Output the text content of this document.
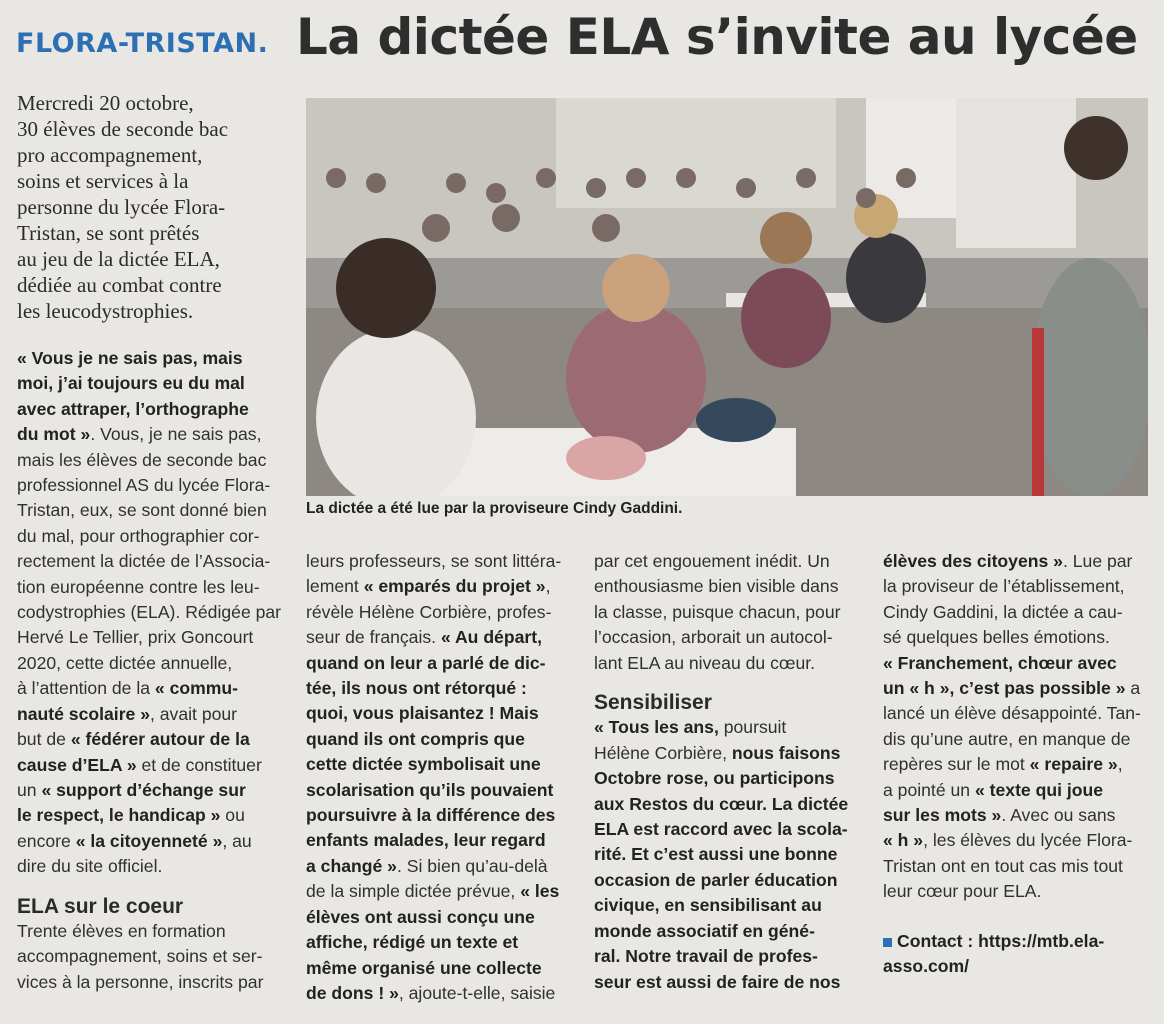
FLORA-TRISTAN. La dictée ELA s’invite au lycée
Mercredi 20 octobre,
30 élèves de seconde bac
pro accompagnement,
soins et services à la
personne du lycée Flora-
Tristan, se sont prêtés
au jeu de la dictée ELA,
dédiée au combat contre
les leucodystrophies.
La dictée a été lue par la proviseure Cindy Gaddini.
« Vous je ne sais pas, mais
moi, j’ai toujours eu du mal
avec attraper, l’orthographe
du mot ». Vous, je ne sais pas,
mais les élèves de seconde bac
professionnel AS du lycée Flora-
Tristan, eux, se sont donné bien
du mal, pour orthographier cor-
rectement la dictée de l’Associa-
tion européenne contre les leu-
codystrophies (ELA). Rédigée par
Hervé Le Tellier, prix Goncourt
2020, cette dictée annuelle,
à l’attention de la « commu-
nauté scolaire », avait pour
but de « fédérer autour de la
cause d’ELA » et de constituer
un « support d’échange sur
le respect, le handicap » ou
encore « la citoyenneté », au
dire du site officiel.
ELA sur le coeur
Trente élèves en formation
accompagnement, soins et ser-
vices à la personne, inscrits par
leurs professeurs, se sont littéra-
lement « emparés du projet »,
révèle Hélène Corbière, profes-
seur de français. « Au départ,
quand on leur a parlé de dic-
tée, ils nous ont rétorqué :
quoi, vous plaisantez ! Mais
quand ils ont compris que
cette dictée symbolisait une
scolarisation qu’ils pouvaient
poursuivre à la différence des
enfants malades, leur regard
a changé ». Si bien qu’au-delà
de la simple dictée prévue, « les
élèves ont aussi conçu une
affiche, rédigé un texte et
même organisé une collecte
de dons ! », ajoute-t-elle, saisie
par cet engouement inédit. Un
enthousiasme bien visible dans
la classe, puisque chacun, pour
l’occasion, arborait un autocol-
lant ELA au niveau du cœur.
Sensibiliser
« Tous les ans, poursuit
Hélène Corbière, nous faisons
Octobre rose, ou participons
aux Restos du cœur. La dictée
ELA est raccord avec la scola-
rité. Et c’est aussi une bonne
occasion de parler éducation
civique, en sensibilisant au
monde associatif en géné-
ral. Notre travail de profes-
seur est aussi de faire de nos
élèves des citoyens ». Lue par
la proviseur de l’établissement,
Cindy Gaddini, la dictée a cau-
sé quelques belles émotions.
« Franchement, chœur avec
un « h », c’est pas possible » a
lancé un élève désappointé. Tan-
dis qu’une autre, en manque de
repères sur le mot « repaire »,
a pointé un « texte qui joue
sur les mots ». Avec ou sans
« h », les élèves du lycée Flora-
Tristan ont en tout cas mis tout
leur cœur pour ELA.
Contact : https://mtb.ela-
asso.com/
